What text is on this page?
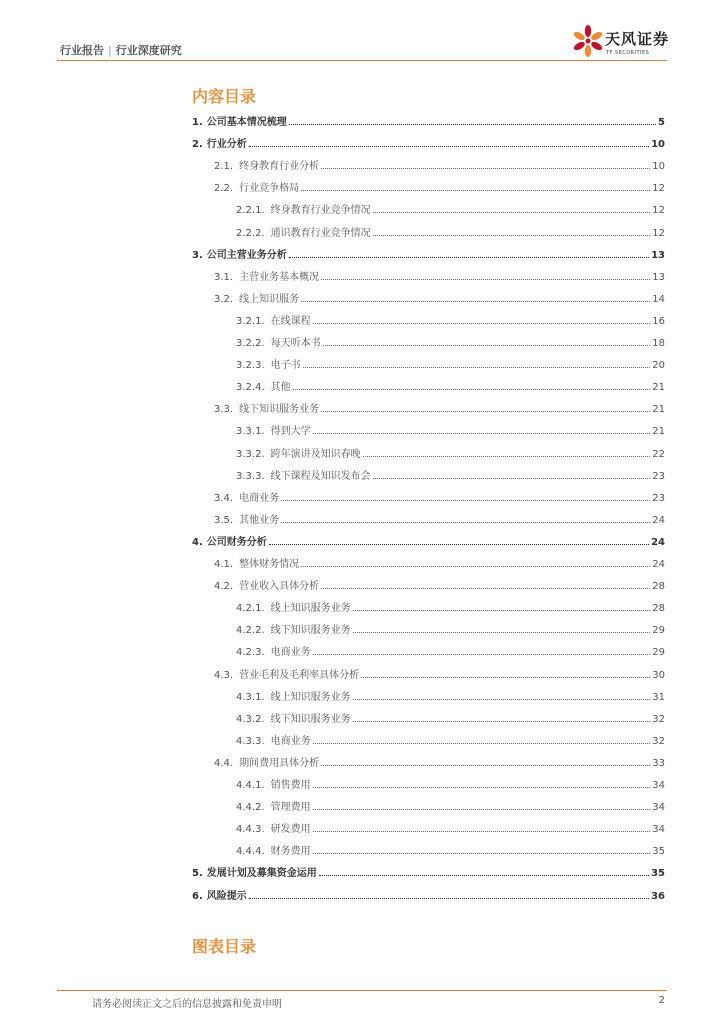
行业报告 | 行业深度研究
天风证券
TF SECURITIES
内容目录
1. 公司基本情况梳理	5
2. 行业分析	10
2.1. 终身教育行业分析	10
2.2. 行业竞争格局	12
2.2.1. 终身教育行业竞争情况	12
2.2.2. 通识教育行业竞争情况	12
3. 公司主营业务分析	13
3.1. 主营业务基本概况	13
3.2. 线上知识服务	14
3.2.1. 在线课程	16
3.2.2. 每天听本书	18
3.2.3. 电子书	20
3.2.4. 其他	21
3.3. 线下知识服务业务	21
3.3.1. 得到大学	21
3.3.2. 跨年演讲及知识春晚	22
3.3.3. 线下课程及知识发布会	23
3.4. 电商业务	23
3.5. 其他业务	24
4. 公司财务分析	24
4.1. 整体财务情况	24
4.2. 营业收入具体分析	28
4.2.1. 线上知识服务业务	28
4.2.2. 线下知识服务业务	29
4.2.3. 电商业务	29
4.3. 营业毛利及毛利率具体分析	30
4.3.1. 线上知识服务业务	31
4.3.2. 线下知识服务业务	32
4.3.3. 电商业务	32
4.4. 期间费用具体分析	33
4.4.1. 销售费用	34
4.4.2. 管理费用	34
4.4.3. 研发费用	34
4.4.4. 财务费用	35
5. 发展计划及募集资金运用	35
6. 风险提示	36
图表目录
请务必阅读正文之后的信息披露和免责申明	2
